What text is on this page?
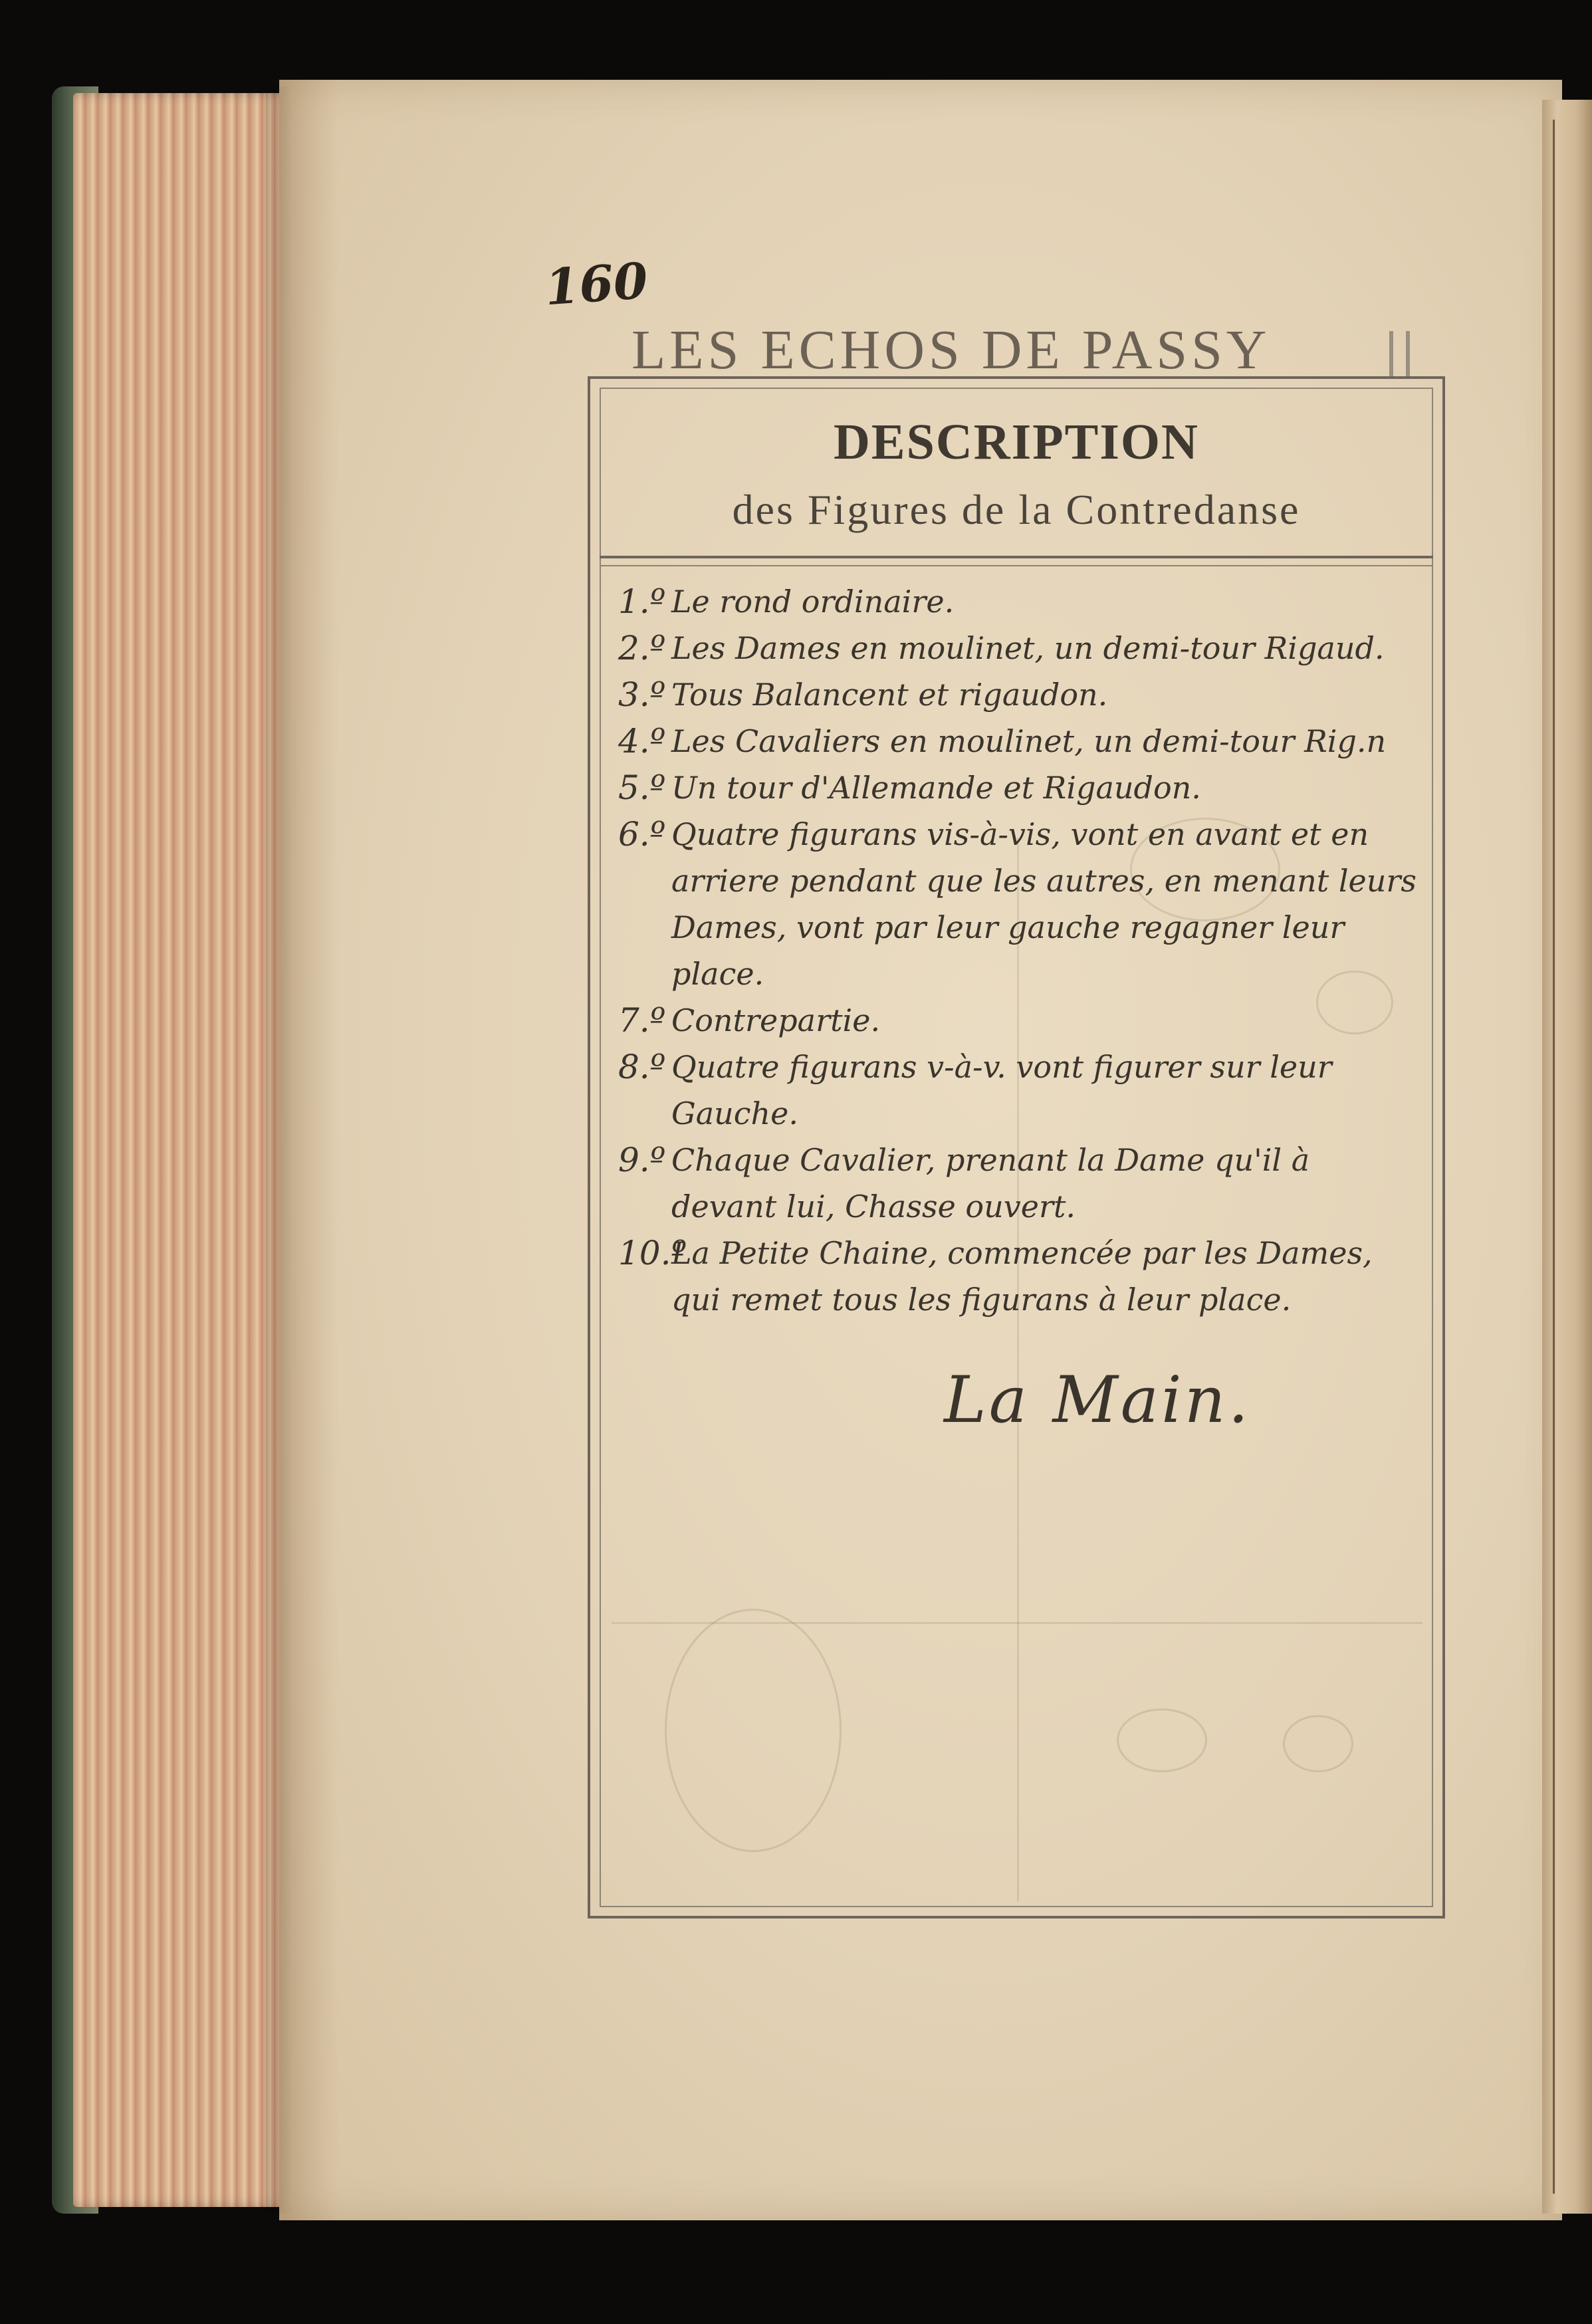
160
LES ECHOS DE PASSY
DESCRIPTION
des Figures de la Contredanse
1.º Le rond ordinaire.
2.º Les Dames en moulinet, un demi-tour Rigaud.
3.º Tous Balancent et rigaudon.
4.º Les Cavaliers en moulinet, un demi-tour Rig.n
5.º Un tour d'Allemande et Rigaudon.
6.º Quatre figurans vis-à-vis, vont en avant et en arriere pendant que les autres, en menant leurs Dames, vont par leur gauche regagner leur place.
7.º Contrepartie.
8.º Quatre figurans v-à-v. vont figurer sur leur Gauche.
9.º Chaque Cavalier, prenant la Dame qu'il à devant lui, Chasse ouvert.
10.º
La Petite Chaine, commencée par les Dames, qui remet tous les figurans à leur place.
La Main.
